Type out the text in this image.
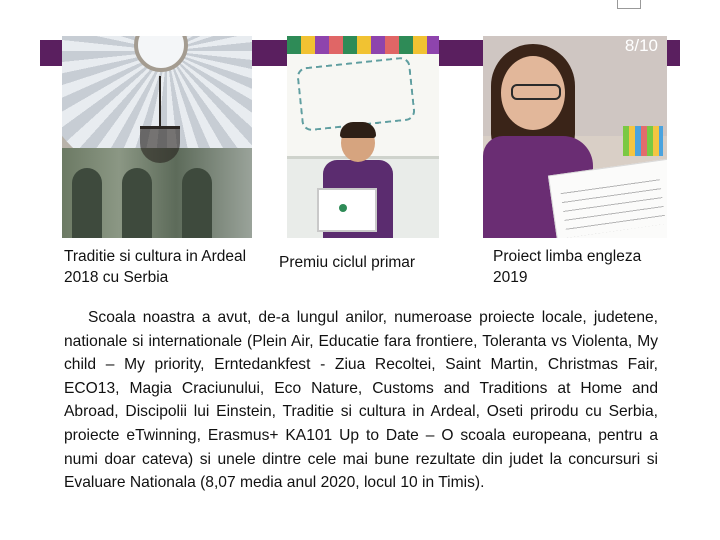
8/10
Traditie si cultura in Ardeal 2018 cu Serbia
Premiu ciclul primar	Proiect limba engleza 2019
Scoala noastra a avut, de-a lungul anilor, numeroase proiecte locale, judetene, nationale si internationale (Plein Air, Educatie fara frontiere, Toleranta vs Violenta, My child – My priority, Erntedankfest - Ziua Recoltei, Saint Martin, Christmas Fair, ECO13, Magia Craciunului, Eco Nature, Customs and Traditions at Home and Abroad, Discipolii lui Einstein, Traditie si cultura in Ardeal, Oseti prirodu cu Serbia, proiecte eTwinning, Erasmus+ KA101 Up to Date – O scoala europeana, pentru a numi doar cateva) si unele dintre cele mai bune rezultate din judet la concursuri si Evaluare Nationala (8,07 media anul 2020, locul 10 in Timis).
